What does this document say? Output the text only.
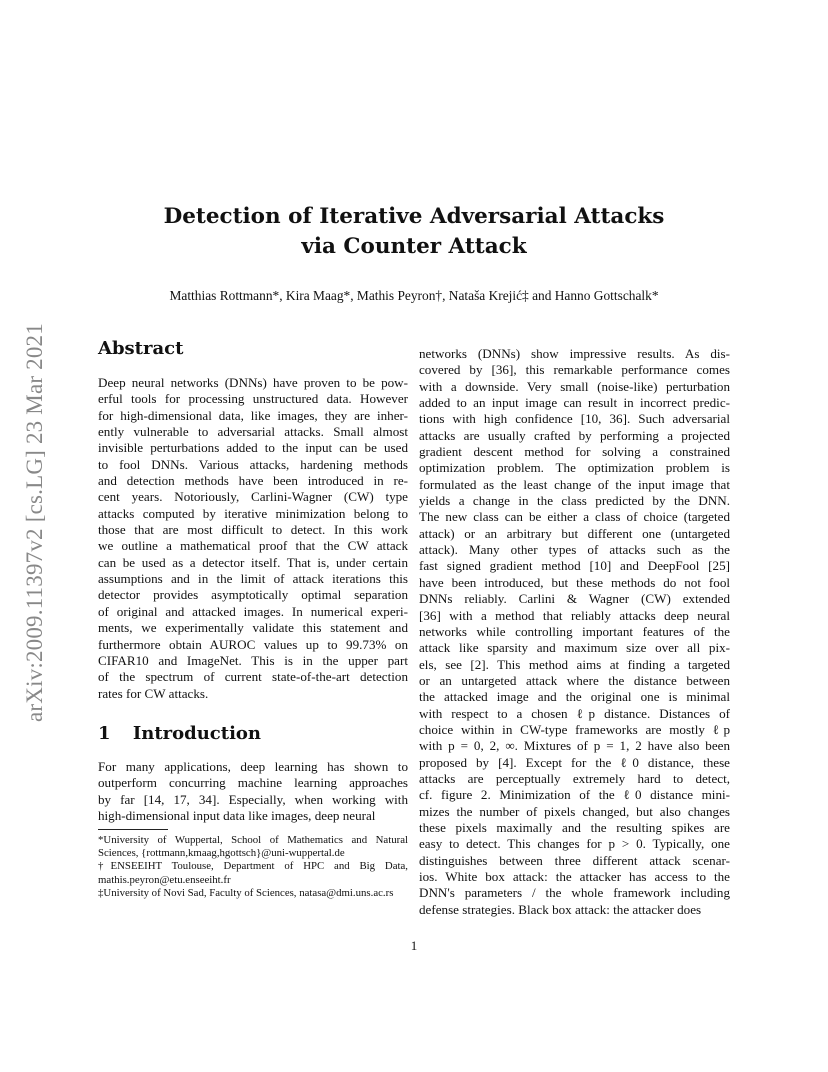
arXiv:2009.11397v2 [cs.LG] 23 Mar 2021
Detection of Iterative Adversarial Attacks
via Counter Attack
Matthias Rottmann*, Kira Maag*, Mathis Peyron†, Nataša Krejić‡ and Hanno Gottschalk*
Abstract
Deep neural networks (DNNs) have proven to be pow-
erful tools for processing unstructured data. However
for high-dimensional data, like images, they are inher-
ently vulnerable to adversarial attacks. Small almost
invisible perturbations added to the input can be used
to fool DNNs. Various attacks, hardening methods
and detection methods have been introduced in re-
cent years. Notoriously, Carlini-Wagner (CW) type
attacks computed by iterative minimization belong to
those that are most difficult to detect. In this work
we outline a mathematical proof that the CW attack
can be used as a detector itself. That is, under certain
assumptions and in the limit of attack iterations this
detector provides asymptotically optimal separation
of original and attacked images. In numerical experi-
ments, we experimentally validate this statement and
furthermore obtain AUROC values up to 99.73% on
CIFAR10 and ImageNet. This is in the upper part
of the spectrum of current state-of-the-art detection
rates for CW attacks.
1 Introduction
For many applications, deep learning has shown to
outperform concurring machine learning approaches
by far [14, 17, 34]. Especially, when working with
high-dimensional input data like images, deep neural
networks (DNNs) show impressive results. As dis-
covered by [36], this remarkable performance comes
with a downside. Very small (noise-like) perturbation
added to an input image can result in incorrect predic-
tions with high confidence [10, 36]. Such adversarial
attacks are usually crafted by performing a projected
gradient descent method for solving a constrained
optimization problem. The optimization problem is
formulated as the least change of the input image that
yields a change in the class predicted by the DNN.
The new class can be either a class of choice (targeted
attack) or an arbitrary but different one (untargeted
attack). Many other types of attacks such as the
fast signed gradient method [10] and DeepFool [25]
have been introduced, but these methods do not fool
DNNs reliably. Carlini & Wagner (CW) extended
[36] with a method that reliably attacks deep neural
networks while controlling important features of the
attack like sparsity and maximum size over all pix-
els, see [2]. This method aims at finding a targeted
or an untargeted attack where the distance between
the attacked image and the original one is minimal
with respect to a chosen ℓp distance. Distances of
choice within in CW-type frameworks are mostly ℓp
with p = 0, 2, ∞. Mixtures of p = 1, 2 have also been
proposed by [4]. Except for the ℓ0 distance, these
attacks are perceptually extremely hard to detect,
cf. figure 2. Minimization of the ℓ0 distance mini-
mizes the number of pixels changed, but also changes
these pixels maximally and the resulting spikes are
easy to detect. This changes for p > 0. Typically, one
distinguishes between three different attack scenar-
ios. White box attack: the attacker has access to the
DNN's parameters / the whole framework including
defense strategies. Black box attack: the attacker does
*University of Wuppertal, School of Mathematics and Natural Sciences, {rottmann,kmaag,hgottsch}@uni-wuppertal.de
†ENSEEIHT Toulouse, Department of HPC and Big Data, mathis.peyron@etu.enseeiht.fr
‡University of Novi Sad, Faculty of Sciences, natasa@dmi.uns.ac.rs
1
